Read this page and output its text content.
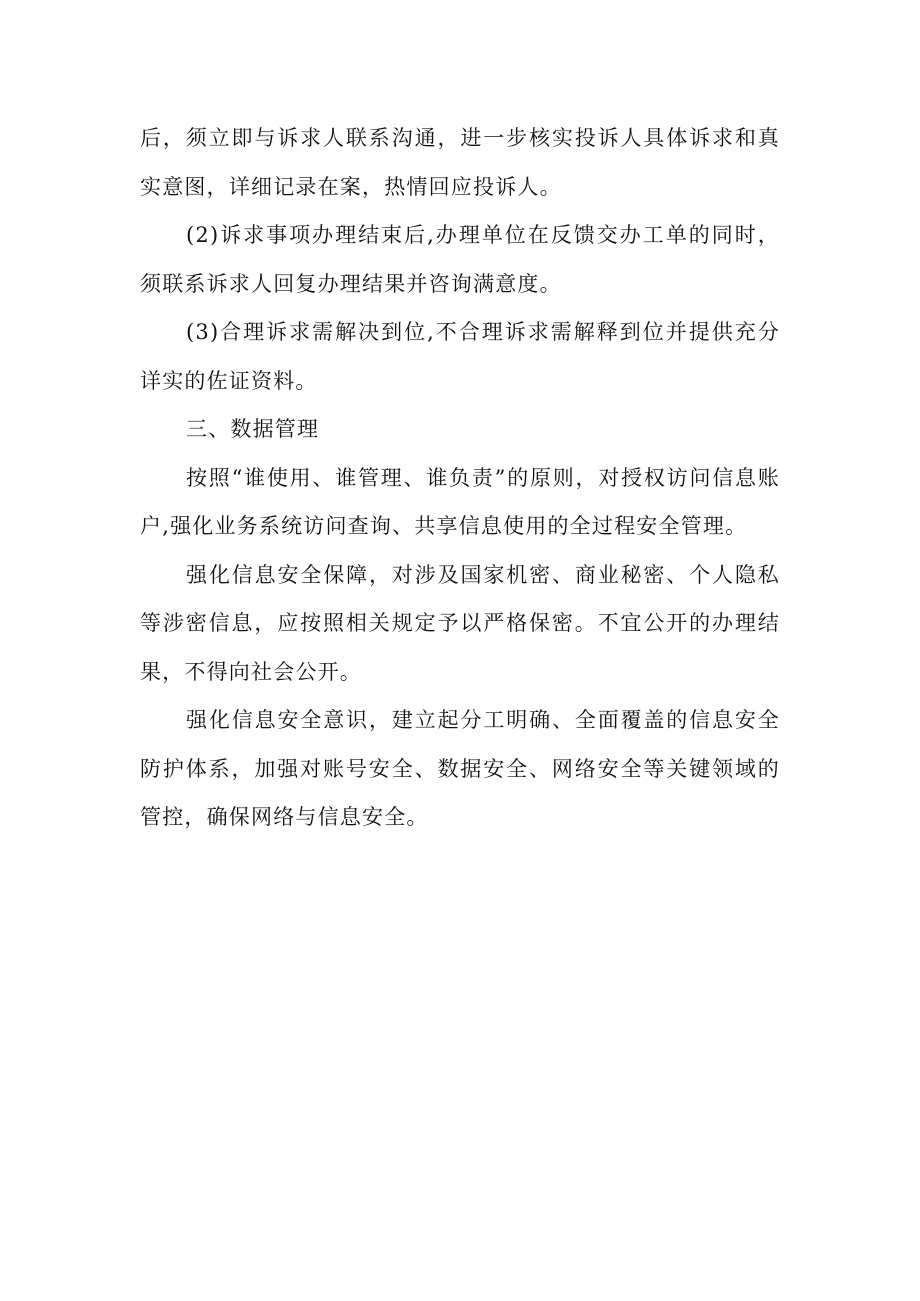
后，须立即与诉求人联系沟通，进一步核实投诉人具体诉求和真实意图，详细记录在案，热情回应投诉人。

(2)诉求事项办理结束后,办理单位在反馈交办工单的同时，须联系诉求人回复办理结果并咨询满意度。

(3)合理诉求需解决到位,不合理诉求需解释到位并提供充分详实的佐证资料。

三、数据管理

按照“谁使用、谁管理、谁负责”的原则，对授权访问信息账户,强化业务系统访问查询、共享信息使用的全过程安全管理。

强化信息安全保障，对涉及国家机密、商业秘密、个人隐私等涉密信息，应按照相关规定予以严格保密。不宜公开的办理结果，不得向社会公开。

强化信息安全意识，建立起分工明确、全面覆盖的信息安全防护体系，加强对账号安全、数据安全、网络安全等关键领域的管控，确保网络与信息安全。
